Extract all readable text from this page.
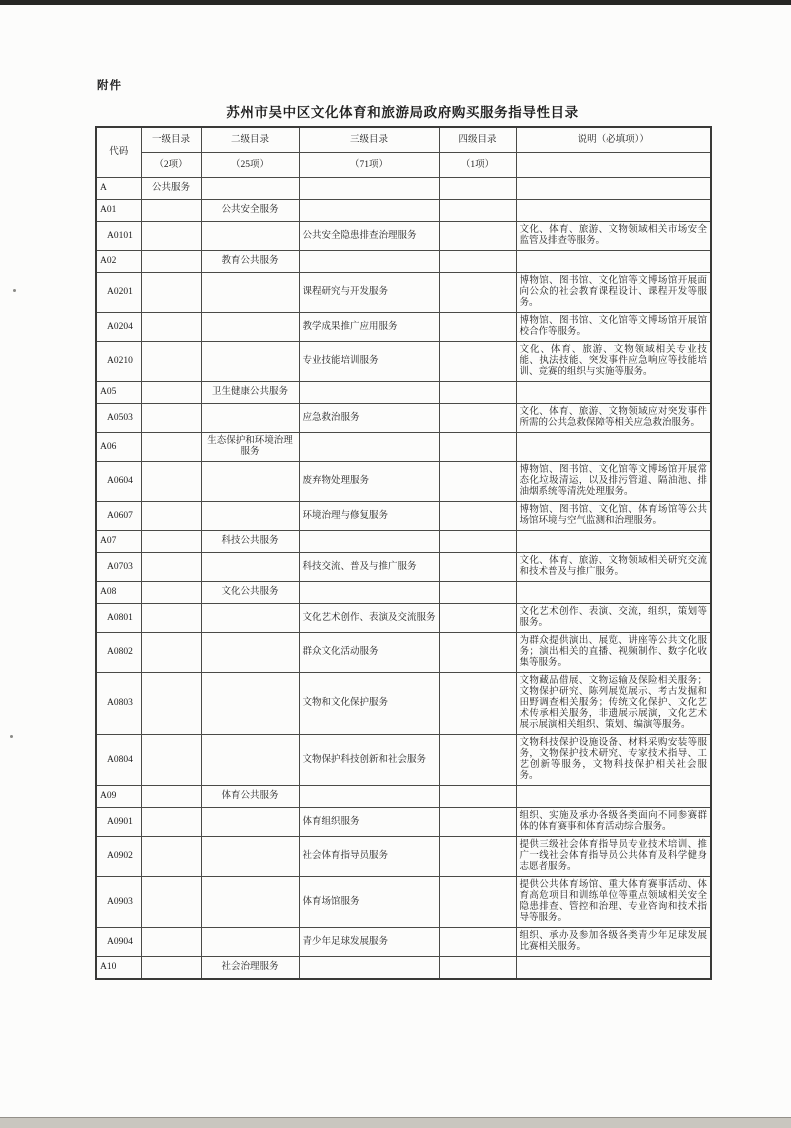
附件
苏州市吴中区文化体育和旅游局政府购买服务指导性目录
代码	一级目录	二级目录	三级目录	四级目录	说明（必填项））
	（2项）	（25项）	（71项）	（1项）	
A	公共服务				
A01		公共安全服务			
A0101			公共安全隐患排查治理服务		文化、体育、旅游、文物领域相关市场安全监管及排查等服务。
A02		教育公共服务			
A0201			课程研究与开发服务		博物馆、图书馆、文化馆等文博场馆开展面向公众的社会教育课程设计、课程开发等服务。
A0204			教学成果推广应用服务		博物馆、图书馆、文化馆等文博场馆开展馆校合作等服务。
A0210			专业技能培训服务		文化、体育、旅游、文物领域相关专业技能、执法技能、突发事件应急响应等技能培训、竞赛的组织与实施等服务。
A05		卫生健康公共服务			
A0503			应急救治服务		文化、体育、旅游、文物领域应对突发事件所需的公共急救保障等相关应急救治服务。
A06		生态保护和环境治理服务			
A0604			废弃物处理服务		博物馆、图书馆、文化馆等文博场馆开展常态化垃圾清运，以及排污管道、隔油池、排油烟系统等清洗处理服务。
A0607			环境治理与修复服务		博物馆、图书馆、文化馆、体育场馆等公共场馆环境与空气监测和治理服务。
A07		科技公共服务			
A0703			科技交流、普及与推广服务		文化、体育、旅游、文物领域相关研究交流和技术普及与推广服务。
A08		文化公共服务			
A0801			文化艺术创作、表演及交流服务		文化艺术创作、表演、交流，组织，策划等服务。
A0802			群众文化活动服务		为群众提供演出、展览、讲座等公共文化服务；演出相关的直播、视频制作、数字化收集等服务。
A0803			文物和文化保护服务		文物藏品借展、文物运输及保险相关服务；文物保护研究、陈列展览展示、考古发掘和田野调查相关服务；传统文化保护、文化艺术传承相关服务，非遗展示展演，文化艺术展示展演相关组织、策划、编演等服务。
A0804			文物保护科技创新和社会服务		文物科技保护设施设备、材料采购安装等服务，文物保护技术研究、专家技术指导、工艺创新等服务，文物科技保护相关社会服务。
A09		体育公共服务			
A0901			体育组织服务		组织、实施及承办各级各类面向不同参赛群体的体育赛事和体育活动综合服务。
A0902			社会体育指导员服务		提供三级社会体育指导员专业技术培训、推广一线社会体育指导员公共体育及科学健身志愿者服务。
A0903			体育场馆服务		提供公共体育场馆、重大体育赛事活动、体育高危项目和训练单位等重点领域相关安全隐患排查、管控和治理、专业咨询和技术指导等服务。
A0904			青少年足球发展服务		组织、承办及参加各级各类青少年足球发展比赛相关服务。
A10		社会治理服务			
